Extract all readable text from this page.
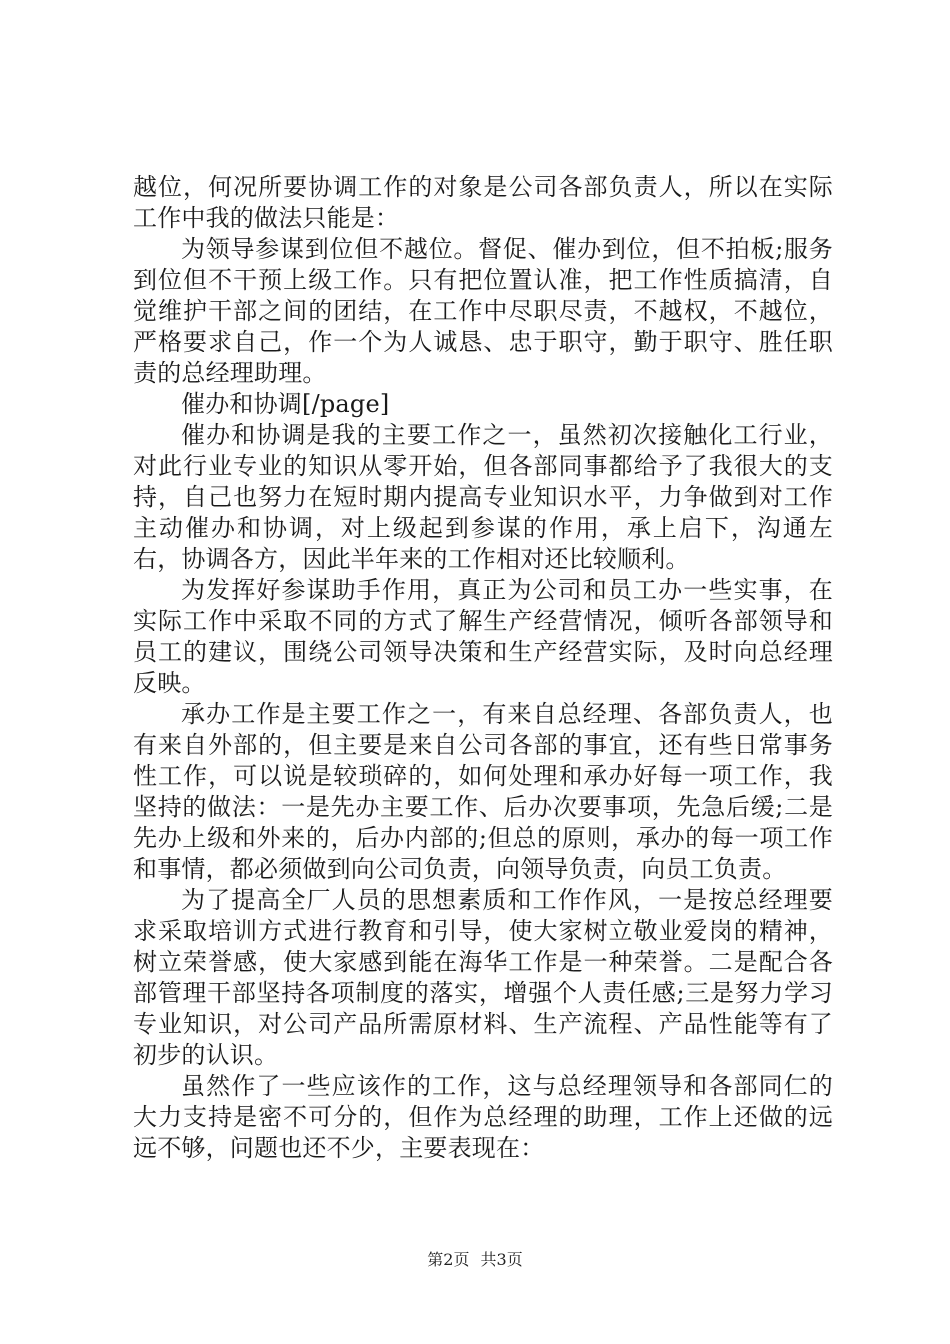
越位，何况所要协调工作的对象是公司各部负责人，所以在实际工作中我的做法只能是：

为领导参谋到位但不越位。督促、催办到位，但不拍板;服务到位但不干预上级工作。只有把位置认准，把工作性质搞清，自觉维护干部之间的团结，在工作中尽职尽责，不越权，不越位，严格要求自己，作一个为人诚恳、忠于职守，勤于职守、胜任职责的总经理助理。

催办和协调[/page]

催办和协调是我的主要工作之一，虽然初次接触化工行业，对此行业专业的知识从零开始，但各部同事都给予了我很大的支持，自己也努力在短时期内提高专业知识水平，力争做到对工作主动催办和协调，对上级起到参谋的作用，承上启下，沟通左右，协调各方，因此半年来的工作相对还比较顺利。

为发挥好参谋助手作用，真正为公司和员工办一些实事，在实际工作中采取不同的方式了解生产经营情况，倾听各部领导和员工的建议，围绕公司领导决策和生产经营实际，及时向总经理反映。

承办工作是主要工作之一，有来自总经理、各部负责人，也有来自外部的，但主要是来自公司各部的事宜，还有些日常事务性工作，可以说是较琐碎的，如何处理和承办好每一项工作，我坚持的做法：一是先办主要工作、后办次要事项，先急后缓;二是先办上级和外来的，后办内部的;但总的原则，承办的每一项工作和事情，都必须做到向公司负责，向领导负责，向员工负责。

为了提高全厂人员的思想素质和工作作风，一是按总经理要求采取培训方式进行教育和引导，使大家树立敬业爱岗的精神，树立荣誉感，使大家感到能在海华工作是一种荣誉。二是配合各部管理干部坚持各项制度的落实，增强个人责任感;三是努力学习专业知识，对公司产品所需原材料、生产流程、产品性能等有了初步的认识。

虽然作了一些应该作的工作，这与总经理领导和各部同仁的大力支持是密不可分的，但作为总经理的助理，工作上还做的远远不够，问题也还不少，主要表现在：

第2页 共3页
